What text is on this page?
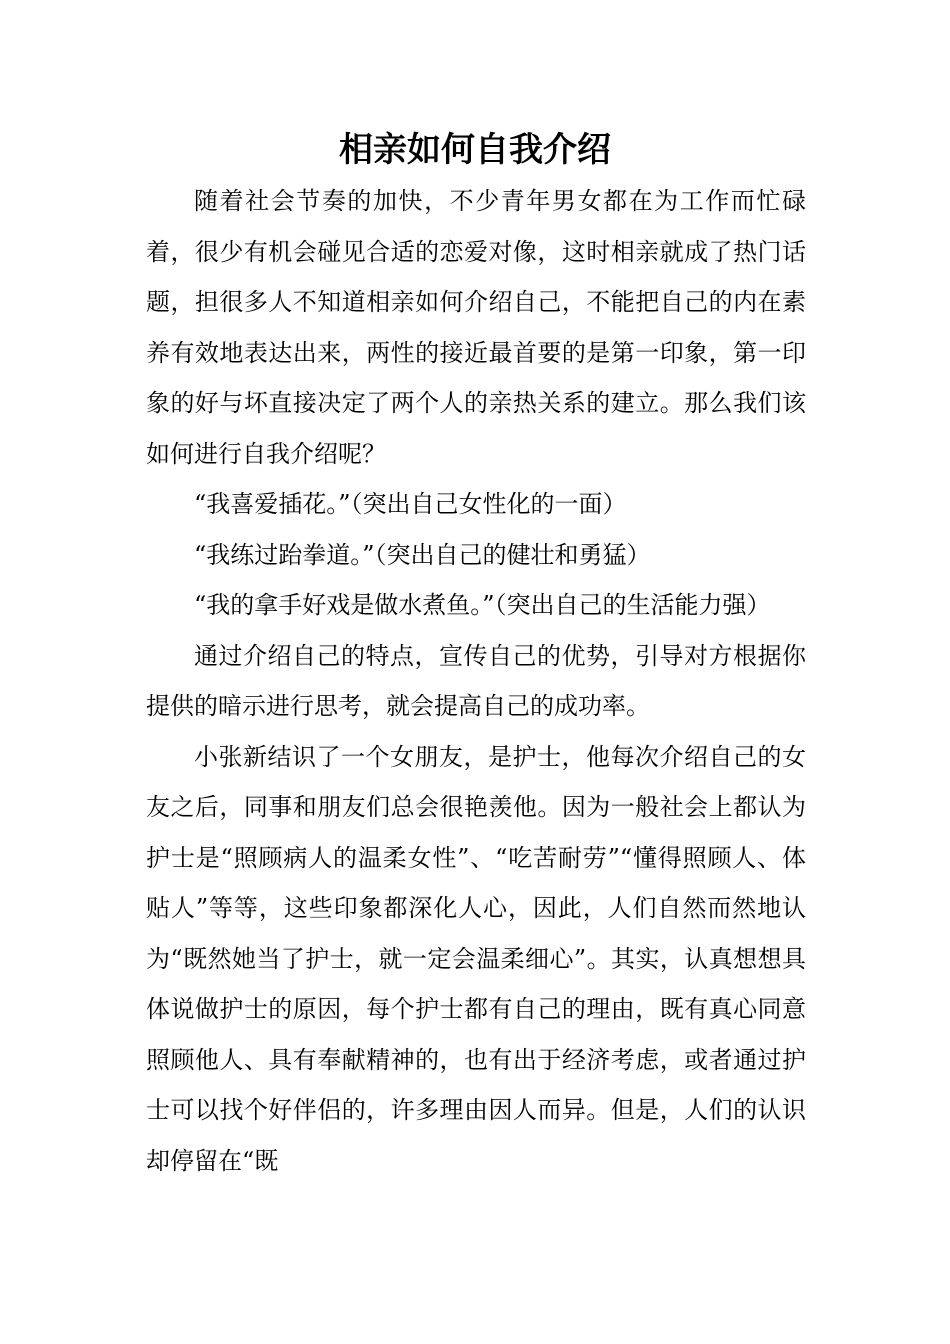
相亲如何自我介绍

随着社会节奏的加快，不少青年男女都在为工作而忙碌着，很少有机会碰见合适的恋爱对像，这时相亲就成了热门话题，担很多人不知道相亲如何介绍自己，不能把自己的内在素养有效地表达出来，两性的接近最首要的是第一印象，第一印象的好与坏直接决定了两个人的亲热关系的建立。那么我们该如何进行自我介绍呢？

“我喜爱插花。”（突出自己女性化的一面）

“我练过跆拳道。”（突出自己的健壮和勇猛）

“我的拿手好戏是做水煮鱼。”（突出自己的生活能力强）

通过介绍自己的特点，宣传自己的优势，引导对方根据你提供的暗示进行思考，就会提高自己的成功率。

小张新结识了一个女朋友，是护士，他每次介绍自己的女友之后，同事和朋友们总会很艳羡他。因为一般社会上都认为护士是“照顾病人的温柔女性”、“吃苦耐劳”“懂得照顾人、体贴人”等等，这些印象都深化人心，因此，人们自然而然地认为“既然她当了护士，就一定会温柔细心”。其实，认真想想具体说做护士的原因，每个护士都有自己的理由，既有真心同意照顾他人、具有奉献精神的，也有出于经济考虑，或者通过护士可以找个好伴侣的，许多理由因人而异。但是，人们的认识却停留在“既
